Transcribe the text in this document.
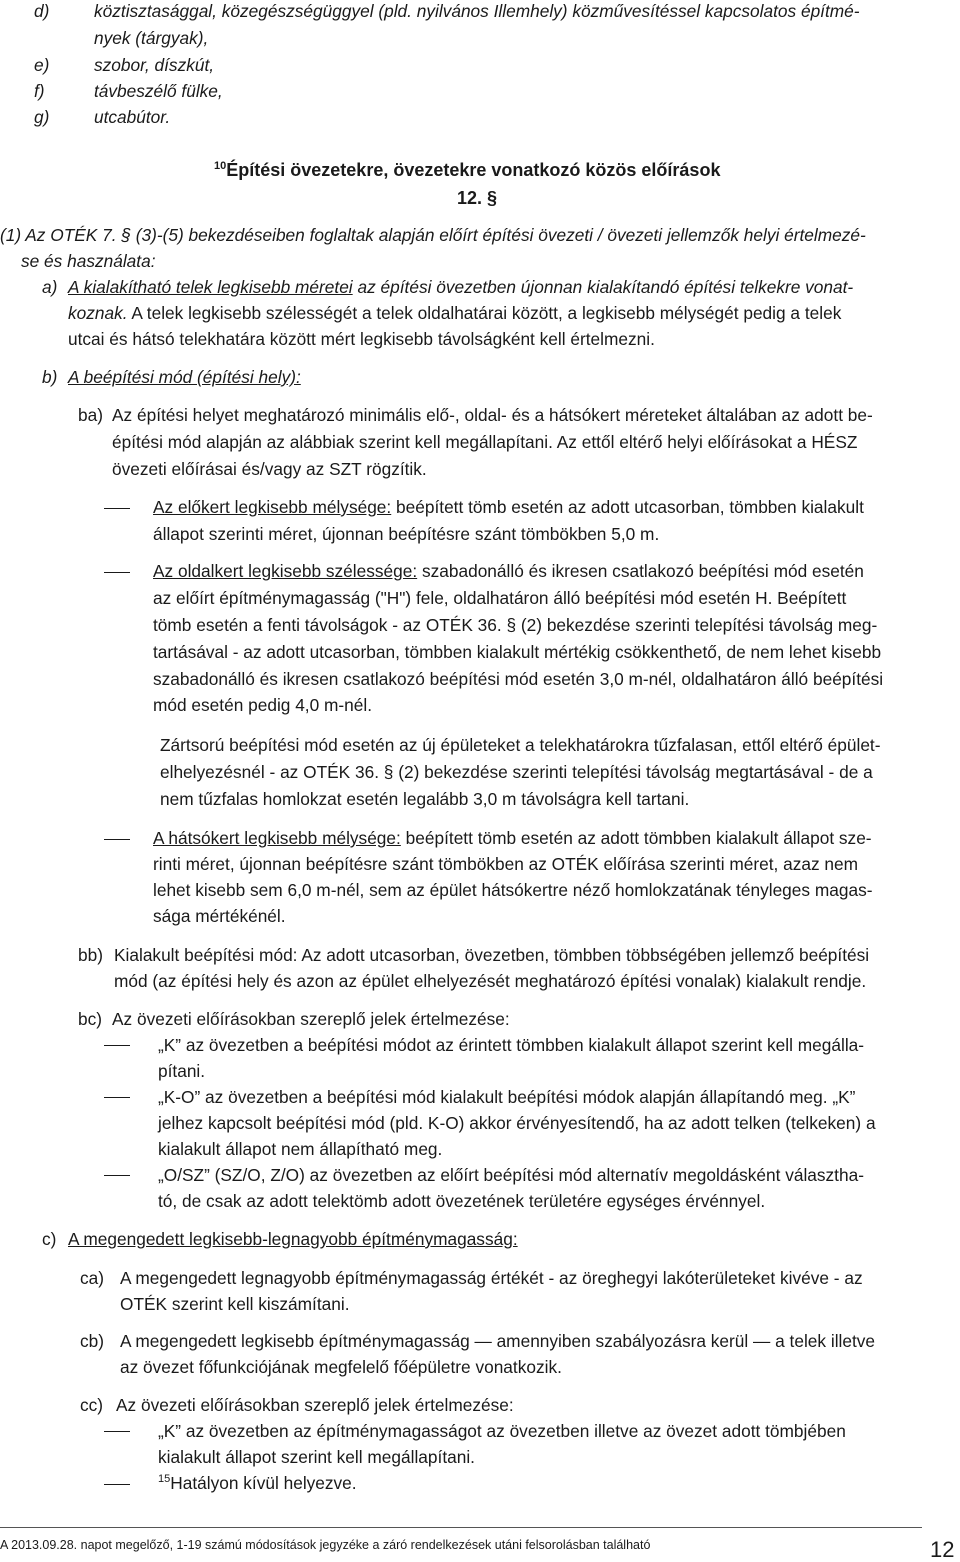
d)	köztisztasággal, közegészségüggyel (pld. nyilvános Illemhely) közművesítéssel kapcsolatos építmé-
nyek (tárgyak),
e)	szobor, díszkút,
f)	távbeszélő fülke,
g)	utcabútor.
$^{10}$Építési övezetekre, övezetekre vonatkozó közös előírások
12. §
(1) Az OTÉK 7. § (3)-(5) bekezdéseiben foglaltak alapján előírt építési övezeti / övezeti jellemzők helyi értelmezé-
se és használata:
a) A kialakítható telek legkisebb méretei az építési övezetben újonnan kialakítandó építési telkekre vonat-
koznak. A telek legkisebb szélességét a telek oldalhatárai között, a legkisebb mélységét pedig a telek
utcai és hátsó telekhatára között mért legkisebb távolságként kell értelmezni.
b) A beépítési mód (építési hely):
ba) Az építési helyet meghatározó minimális elő-, oldal- és a hátsókert méreteket általában az adott be-
építési mód alapján az alábbiak szerint kell megállapítani. Az ettől eltérő helyi előírásokat a HÉSZ
övezeti előírásai és/vagy az SZT rögzítik.
Az előkert legkisebb mélysége: beépített tömb esetén az adott utcasorban, tömbben kialakult
állapot szerinti méret, újonnan beépítésre szánt tömbökben 5,0 m.
Az oldalkert legkisebb szélessége: szabadonálló és ikresen csatlakozó beépítési mód esetén
az előírt építménymagasság ("H") fele, oldalhatáron álló beépítési mód esetén H. Beépített
tömb esetén a fenti távolságok - az OTÉK 36. § (2) bekezdése szerinti telepítési távolság meg-
tartásával - az adott utcasorban, tömbben kialakult mértékig csökkenthető, de nem lehet kisebb
szabadonálló és ikresen csatlakozó beépítési mód esetén 3,0 m-nél, oldalhatáron álló beépítési
mód esetén pedig 4,0 m-nél.
Zártsorú beépítési mód esetén az új épületeket a telekhatárokra tűzfalasan, ettől eltérő épület-
elhelyezésnél - az OTÉK 36. § (2) bekezdése szerinti telepítési távolság megtartásával - de a
nem tűzfalas homlokzat esetén legalább 3,0 m távolságra kell tartani.
A hátsókert legkisebb mélysége: beépített tömb esetén az adott tömbben kialakult állapot sze-
rinti méret, újonnan beépítésre szánt tömbökben az OTÉK előírása szerinti méret, azaz nem
lehet kisebb sem 6,0 m-nél, sem az épület hátsókertre néző homlokzatának tényleges magas-
sága mértékénél.
bb) Kialakult beépítési mód: Az adott utcasorban, övezetben, tömbben többségében jellemző beépítési
mód (az építési hely és azon az épület elhelyezését meghatározó építési vonalak) kialakult rendje.
bc) Az övezeti előírásokban szereplő jelek értelmezése:
„K” az övezetben a beépítési módot az érintett tömbben kialakult állapot szerint kell megálla-
pítani.
„K-O” az övezetben a beépítési mód kialakult beépítési módok alapján állapítandó meg. „K”
jelhez kapcsolt beépítési mód (pld. K-O) akkor érvényesítendő, ha az adott telken (telkeken) a
kialakult állapot nem állapítható meg.
„O/SZ” (SZ/O, Z/O) az övezetben az előírt beépítési mód alternatív megoldásként választha-
tó, de csak az adott telektömb adott övezetének területére egységes érvénnyel.
c) A megengedett legkisebb-legnagyobb építménymagasság:
ca) A megengedett legnagyobb építménymagasság értékét - az öreghegyi lakóterületeket kivéve - az
OTÉK szerint kell kiszámítani.
cb) A megengedett legkisebb építménymagasság — amennyiben szabályozásra kerül — a telek illetve
az övezet főfunkciójának megfelelő főépületre vonatkozik.
cc) Az övezeti előírásokban szereplő jelek értelmezése:
„K” az övezetben az építménymagasságot az övezetben illetve az övezet adott tömbjében
kialakult állapot szerint kell megállapítani.
$^{15}$Hatályon kívül helyezve.
A 2013.09.28. napot megelőző, 1-19 számú módosítások jegyzéke a záró rendelkezések utáni felsorolásban található	12
